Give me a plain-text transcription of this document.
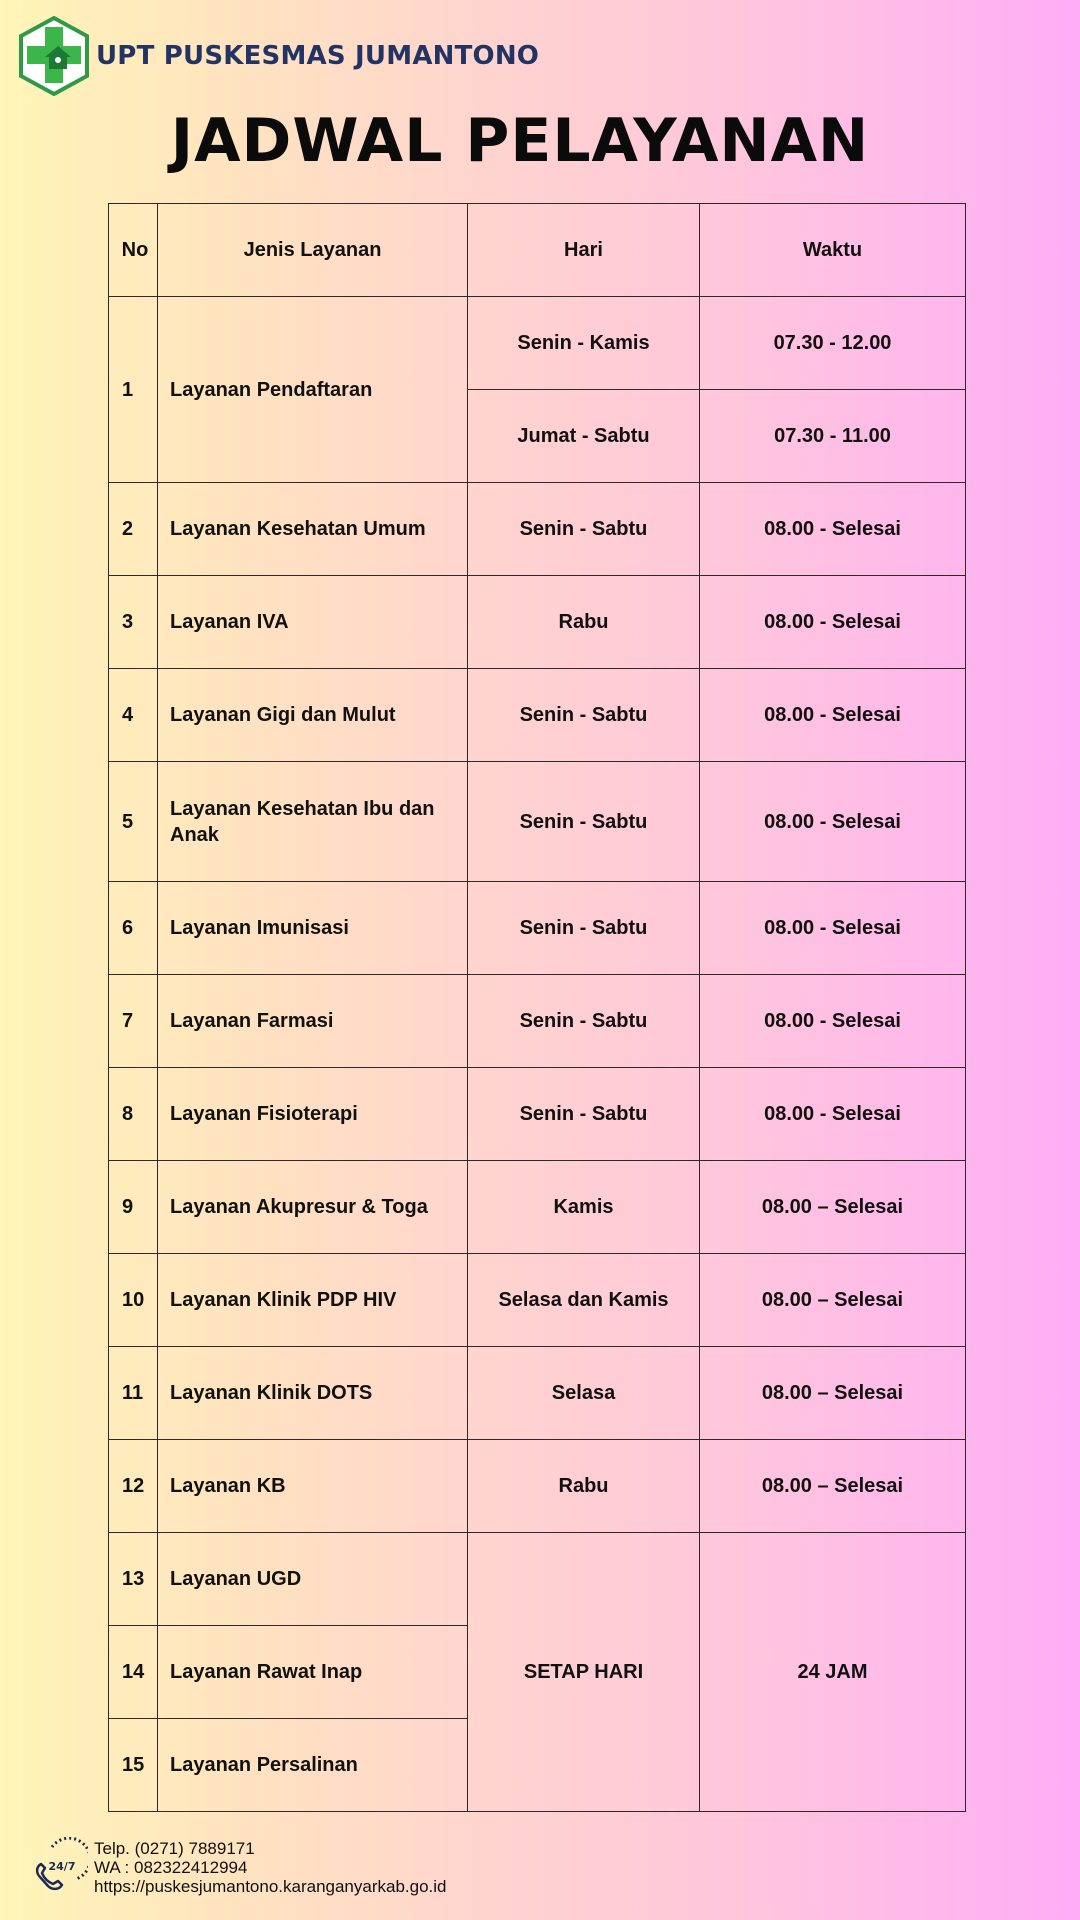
UPT PUSKESMAS JUMANTONO
JADWAL PELAYANAN
No	Jenis Layanan	Hari	Waktu
1	Layanan Pendaftaran	Senin - Kamis	07.30 - 12.00
		Jumat - Sabtu	07.30 - 11.00
2	Layanan Kesehatan Umum	Senin - Sabtu	08.00 - Selesai
3	Layanan IVA	Rabu	08.00 - Selesai
4	Layanan Gigi dan Mulut	Senin - Sabtu	08.00 - Selesai
5	Layanan Kesehatan Ibu dan Anak	Senin - Sabtu	08.00 - Selesai
6	Layanan Imunisasi	Senin - Sabtu	08.00 - Selesai
7	Layanan Farmasi	Senin - Sabtu	08.00 - Selesai
8	Layanan Fisioterapi	Senin - Sabtu	08.00 - Selesai
9	Layanan Akupresur & Toga	Kamis	08.00 – Selesai
10	Layanan Klinik PDP HIV	Selasa dan Kamis	08.00 – Selesai
11	Layanan Klinik DOTS	Selasa	08.00 – Selesai
12	Layanan KB	Rabu	08.00 – Selesai
13	Layanan UGD	SETAP HARI	24 JAM
14	Layanan Rawat Inap		
15	Layanan Persalinan		
24/7
Telp. (0271) 7889171
WA : 082322412994
https://puskesjumantono.karanganyarkab.go.id
